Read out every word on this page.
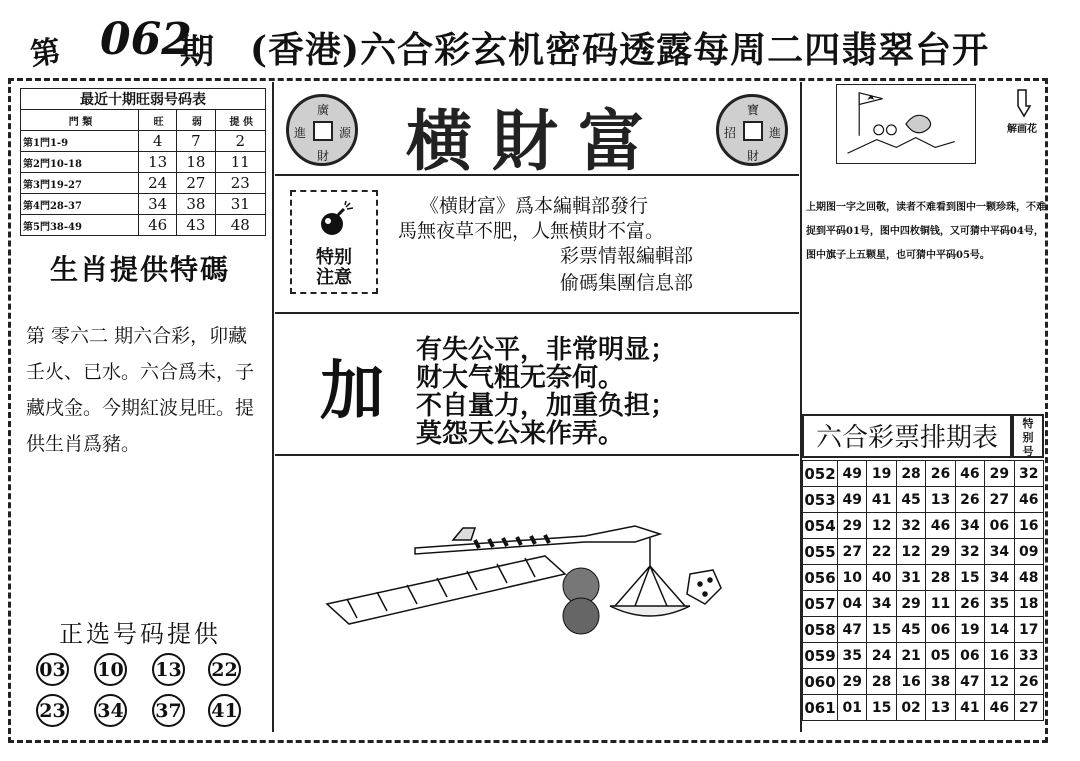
第 062
期 (香港)六合彩玄机密码透露每周二四翡翠台开
最近十期旺弱号码表			
門 類	旺	弱	提 供
第1門1-9	4	7	2
第2門10-18	13	18	11
第3門19-27	24	27	23
第4門28-37	34	38	31
第5門38-49	46	43	48
生肖提供特碼
第 零六二 期六合彩，卯藏壬火、已水。六合爲未，子藏戌金。今期紅波見旺。提供生肖爲豬。
正选号码提供
03 10 13 22
23 34 37 41
廣
進	源
財	横財富	寶
招	進
財
特别
注意
《横財富》爲本編輯部發行
馬無夜草不肥，人無横財不富。
彩票情報編輯部
偷碼集團信息部
加
有失公平，非常明显；
财大气粗无奈何。
不自量力，加重负担；
莫怨天公来作弄。
解画花
上期图一字之回敬，读者不难看到图中一颗珍珠，不难捉到平码01号，图中四枚铜钱，又可猜中平码04号，图中旗子上五颗星，也可猜中平码05号。
六合彩票排期表	特
别
号
052	49	19	28	26	46	29	32
053	49	41	45	13	26	27	46
054	29	12	32	46	34	06	16
055	27	22	12	29	32	34	09
056	10	40	31	28	15	34	48
057	04	34	29	11	26	35	18
058	47	15	45	06	19	14	17
059	35	24	21	05	06	16	33
060	29	28	16	38	47	12	26
061	01	15	02	13	41	46	27
